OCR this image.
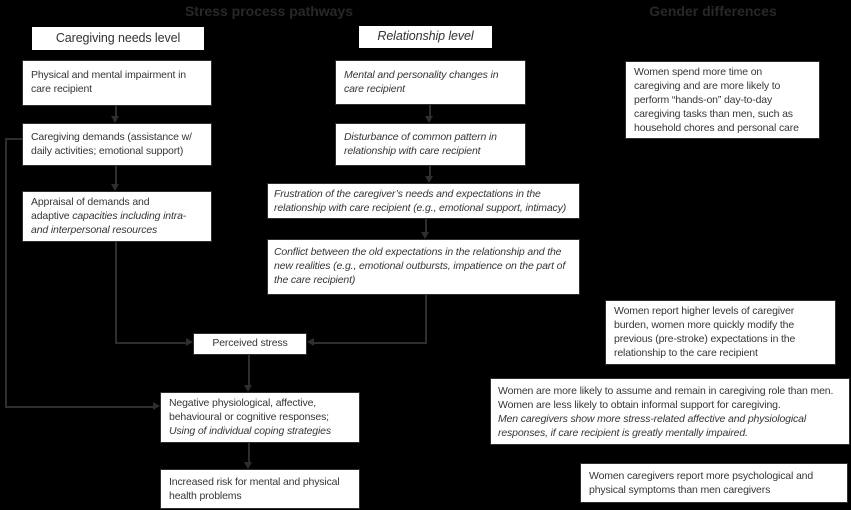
Stress process pathways	Gender differences
Caregiving needs level	Relationship level
Physical and mental impairment in
care recipient
Caregiving demands (assistance w/
daily activities; emotional support)
Appraisal of demands and
adaptive capacities including intra-
and interpersonal resources
Mental and personality changes in
care recipient
Disturbance of common pattern in
relationship with care recipient
Frustration of the caregiver’s needs and expectations in the
relationship with care recipient (e.g., emotional support, intimacy)
Conflict between the old expectations in the relationship and the
new realities (e.g., emotional outbursts, impatience on the part of
the care recipient)
Perceived stress
Negative physiological, affective,
behavioural or cognitive responses;
Using of individual coping strategies
Increased risk for mental and physical
health problems
Women spend more time on
caregiving and are more likely to
perform “hands-on” day-to-day
caregiving tasks than men, such as
household chores and personal care
Women report higher levels of caregiver
burden, women more quickly modify the
previous (pre-stroke) expectations in the
relationship to the care recipient
Women are more likely to assume and remain in caregiving role than men.
Women are less likely to obtain informal support for caregiving.
Men caregivers show more stress-related affective and physiological
responses, if care recipient is greatly mentally impaired.
Women caregivers report more psychological and
physical symptoms than men caregivers
